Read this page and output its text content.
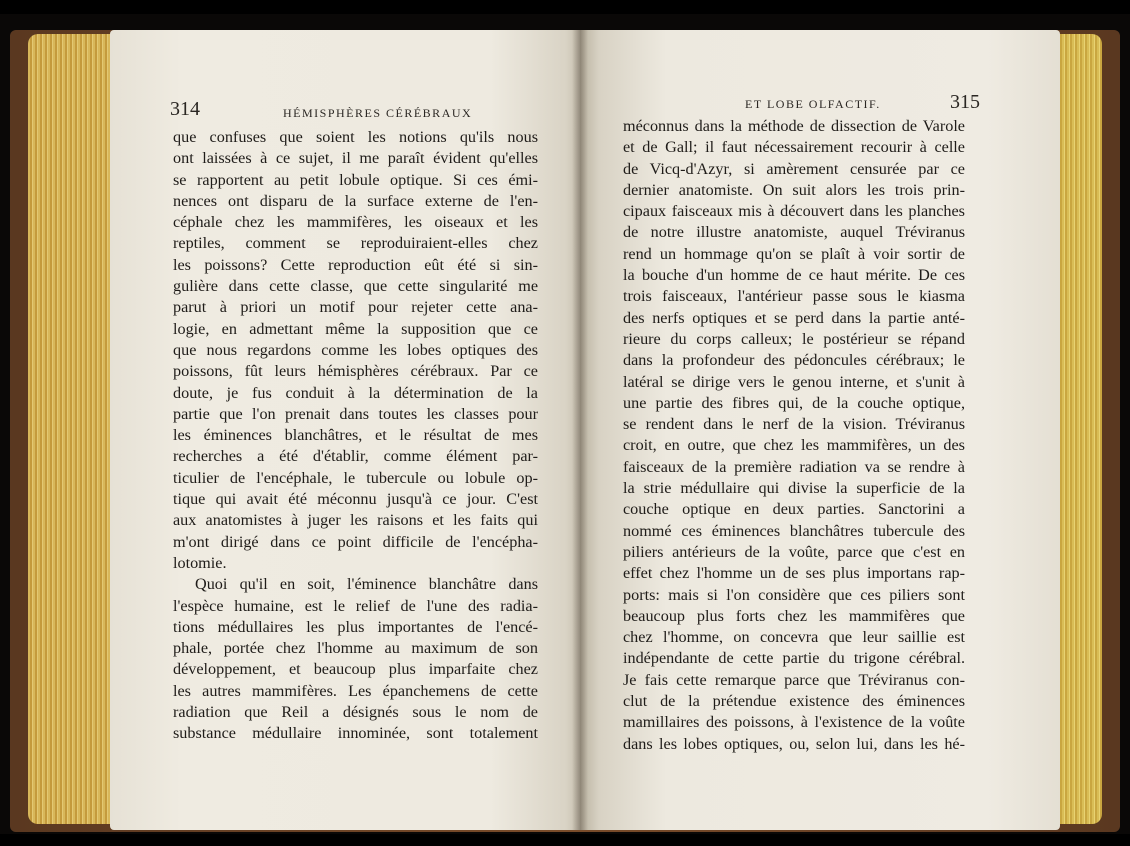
314	HÉMISPHÈRES CÉRÉBRAUX
ET LOBE OLFACTIF.	315
que confuses que soient les notions qu'ils nous
ont laissées à ce sujet, il me paraît évident qu'elles
se rapportent au petit lobule optique. Si ces émi-
nences ont disparu de la surface externe de l'en-
céphale chez les mammifères, les oiseaux et les
reptiles, comment se reproduiraient-elles chez
les poissons? Cette reproduction eût été si sin-
gulière dans cette classe, que cette singularité me
parut à priori un motif pour rejeter cette ana-
logie, en admettant même la supposition que ce
que nous regardons comme les lobes optiques des
poissons, fût leurs hémisphères cérébraux. Par ce
doute, je fus conduit à la détermination de la
partie que l'on prenait dans toutes les classes pour
les éminences blanchâtres, et le résultat de mes
recherches a été d'établir, comme élément par-
ticulier de l'encéphale, le tubercule ou lobule op-
tique qui avait été méconnu jusqu'à ce jour. C'est
aux anatomistes à juger les raisons et les faits qui
m'ont dirigé dans ce point difficile de l'encépha-
lotomie.
Quoi qu'il en soit, l'éminence blanchâtre dans
l'espèce humaine, est le relief de l'une des radia-
tions médullaires les plus importantes de l'encé-
phale, portée chez l'homme au maximum de son
développement, et beaucoup plus imparfaite chez
les autres mammifères. Les épanchemens de cette
radiation que Reil a désignés sous le nom de
substance médullaire innominée, sont totalement
méconnus dans la méthode de dissection de Varole
et de Gall; il faut nécessairement recourir à celle
de Vicq-d'Azyr, si amèrement censurée par ce
dernier anatomiste. On suit alors les trois prin-
cipaux faisceaux mis à découvert dans les planches
de notre illustre anatomiste, auquel Tréviranus
rend un hommage qu'on se plaît à voir sortir de
la bouche d'un homme de ce haut mérite. De ces
trois faisceaux, l'antérieur passe sous le kiasma
des nerfs optiques et se perd dans la partie anté-
rieure du corps calleux; le postérieur se répand
dans la profondeur des pédoncules cérébraux; le
latéral se dirige vers le genou interne, et s'unit à
une partie des fibres qui, de la couche optique,
se rendent dans le nerf de la vision. Tréviranus
croit, en outre, que chez les mammifères, un des
faisceaux de la première radiation va se rendre à
la strie médullaire qui divise la superficie de la
couche optique en deux parties. Sanctorini a
nommé ces éminences blanchâtres tubercule des
piliers antérieurs de la voûte, parce que c'est en
effet chez l'homme un de ses plus importans rap-
ports: mais si l'on considère que ces piliers sont
beaucoup plus forts chez les mammifères que
chez l'homme, on concevra que leur saillie est
indépendante de cette partie du trigone cérébral.
Je fais cette remarque parce que Tréviranus con-
clut de la prétendue existence des éminences
mamillaires des poissons, à l'existence de la voûte
dans les lobes optiques, ou, selon lui, dans les hé-
